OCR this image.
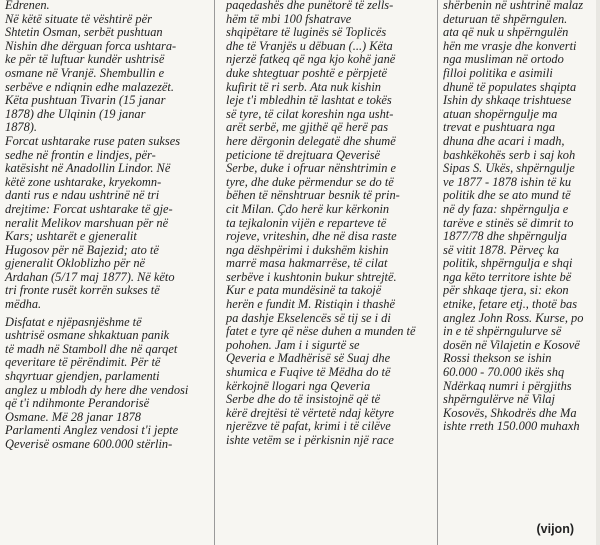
Edrenen.
Në këtë situate të vështirë për
Shtetin Osman, serbët pushtuan
Nishin dhe dërguan forca ushtara-
ke për të luftuar kundër ushtrisë
osmane në Vranjë. Shembullin e
serbëve e ndiqnin edhe malazezët.
Këta pushtuan Tivarin (15 janar
1878) dhe Ulqinin (19 janar
1878).
Forcat ushtarake ruse paten sukses
sedhe në frontin e lindjes, për-
katësisht në Anadollin Lindor. Në
këtë zone ushtarake, kryekomn-
danti rus e ndau ushtrinë në tri
drejtime: Forcat ushtarake të gje-
neralit Melikov marshuan për në
Kars; ushtarët e gjeneralit
Hugosov për në Bajezid; ato të
gjeneralit Okloblizho për në
Ardahan (5/17 maj 1877). Në këto
tri fronte rusët korrën sukses të
mëdha.
Disfatat e njëpasnjëshme të
ushtrisë osmane shkaktuan panik
të madh në Stamboll dhe në qarqet
qeveritare të përëndimit. Për të
shqyrtuar gjendjen, parlamenti
anglez u mblodh dy here dhe vendosi
që t'i ndihmonte Perandorisë
Osmane. Më 28 janar 1878
Parlamenti Anglez vendosi t'i jepte
Qeverisë osmane 600.000 stërlin-
paqedashës dhe punëtorë të zells-
hëm të mbi 100 fshatrave
shqipëtare të luginës së Toplicës
dhe të Vranjës u dëbuan (...) Këta
njerzë fatkeq që nga kjo kohë janë
duke shtegtuar poshtë e përpjetë
kufirit të ri serb. Ata nuk kishin
leje t'i mbledhin të lashtat e tokës
së tyre, të cilat koreshin nga usht-
arët serbë, me gjithë që herë pas
here dërgonin delegatë dhe shumë
peticione të drejtuara Qeverisë
Serbe, duke i ofruar nënshtrimin e
tyre, dhe duke përmendur se do të
bëhen të nënshtruar besnik të prin-
cit Milan. Çdo herë kur kërkonin
ta tejkalonin vijën e reparteve të
rojeve, vriteshin, dhe në disa raste
nga dëshpërimi i dukshëm kishin
marrë masa hakmarrëse, të cilat
serbëve i kushtonin bukur shtrejtë.
Kur e pata mundësinë ta takojë
herën e fundit M. Ristiqin i thashë
pa dashje Ekselencës së tij se i di
fatet e tyre që nëse duhen a munden të
pohohen. Jam i i sigurtë se
Qeveria e Madhërisë së Suaj dhe
shumica e Fuqive të Mëdha do të
kërkojnë llogari nga Qeveria
Serbe dhe do të insistojnë që të
kërë drejtësi të vërtetë ndaj këtyre
njerëzve të pafat, krimi i të cilëve
ishte vetëm se i përkisnin një race
shërbenin në ushtrinë malaz
deturuan të shpërngulen.
ata që nuk u shpërngulën
hën me vrasje dhe konverti
nga musliman në ortodo
filloi politika e asimili
dhunë të populates shqipta
Ishin dy shkaqe trishtuese
atuan shopërngulje ma
trevat e pushtuara nga
dhuna dhe acari i madh,
bashkëkohës serb i saj koh
Sipas S. Ukës, shpërngulje
ve 1877 - 1878 ishin të ku
politik dhe se ato mund të
në dy faza: shpërngulja e
tarëve e stinës së dimrit to
1877/78 dhe shpërngulja
së vitit 1878. Përveç ka
politik, shpërngulja e shqi
nga këto territore ishte bë
për shkaqe tjera, si: ekon
etnike, fetare etj., thotë bas
anglez John Ross. Kurse, po
in e të shpërngulurve së
dosën në Vilajetin e Kosovë
Rossi thekson se ishin
60.000 - 70.000 ikës shq
Ndërkaq numri i përgjiths
shpërngulërve në Vilaj
Kosovës, Shkodrës dhe Ma
ishte rreth 150.000 muhaxh
(vijon)
